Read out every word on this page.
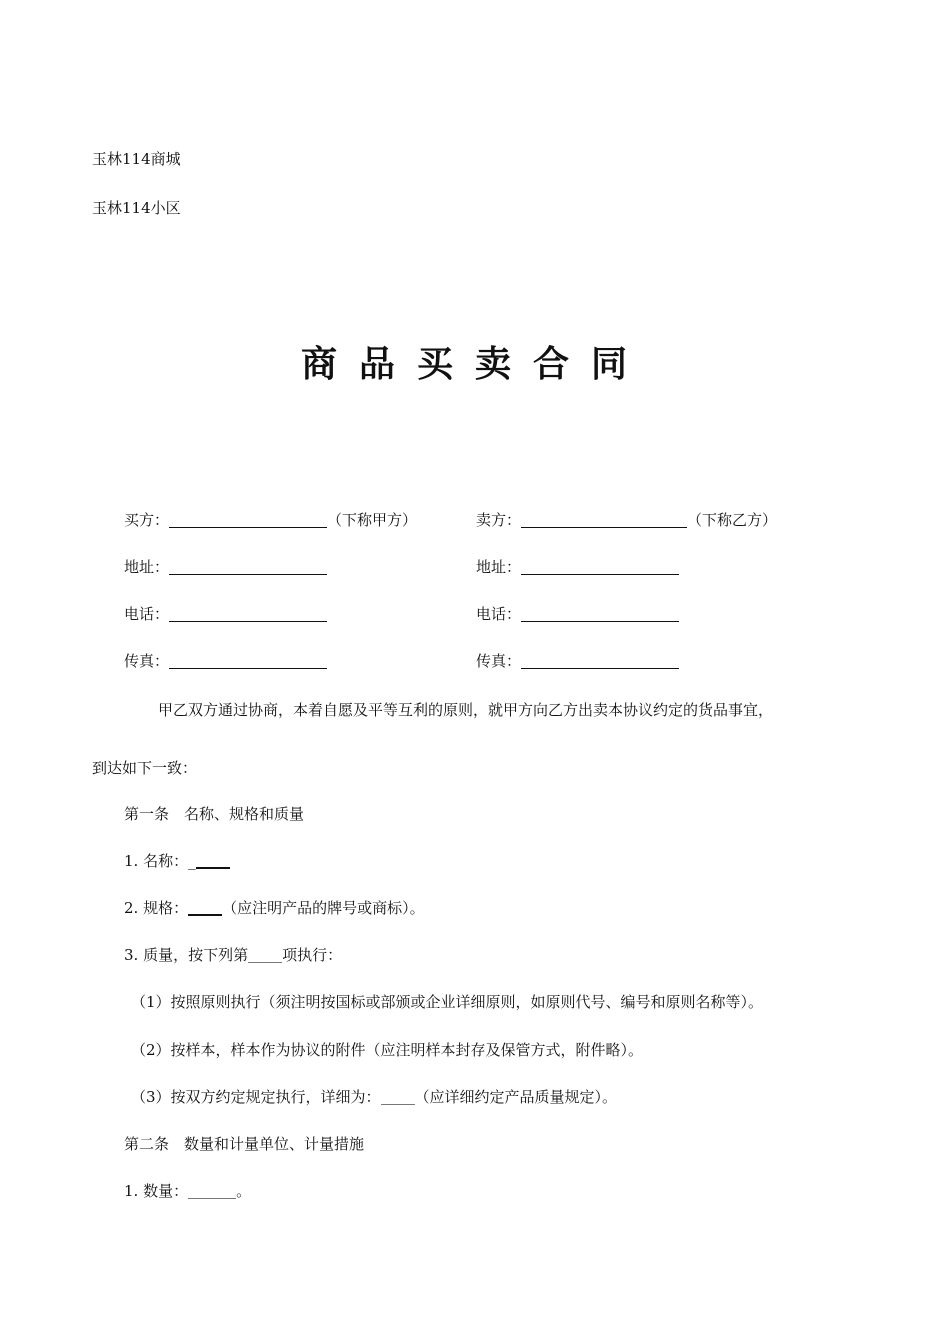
玉林114商城
玉林114小区
商品买卖合同
买方：	（下称甲方）	卖方：	（下称乙方）
地址：	地址：
电话：	电话：
传真：	传真：
甲乙双方通过协商，本着自愿及平等互利的原则，就甲方向乙方出卖本协议约定的货品事宜，
到达如下一致：
第一条　名称、规格和质量
1. 名称：_
2. 规格： （应注明产品的牌号或商标）。
3. 质量，按下列第 项执行：
（1）按照原则执行（须注明按国标或部颁或企业详细原则，如原则代号、编号和原则名称等）。
（2）按样本，样本作为协议的附件（应注明样本封存及保管方式，附件略）。
（3）按双方约定规定执行，详细为： （应详细约定产品质量规定）。
第二条　数量和计量单位、计量措施
1. 数量：	。
